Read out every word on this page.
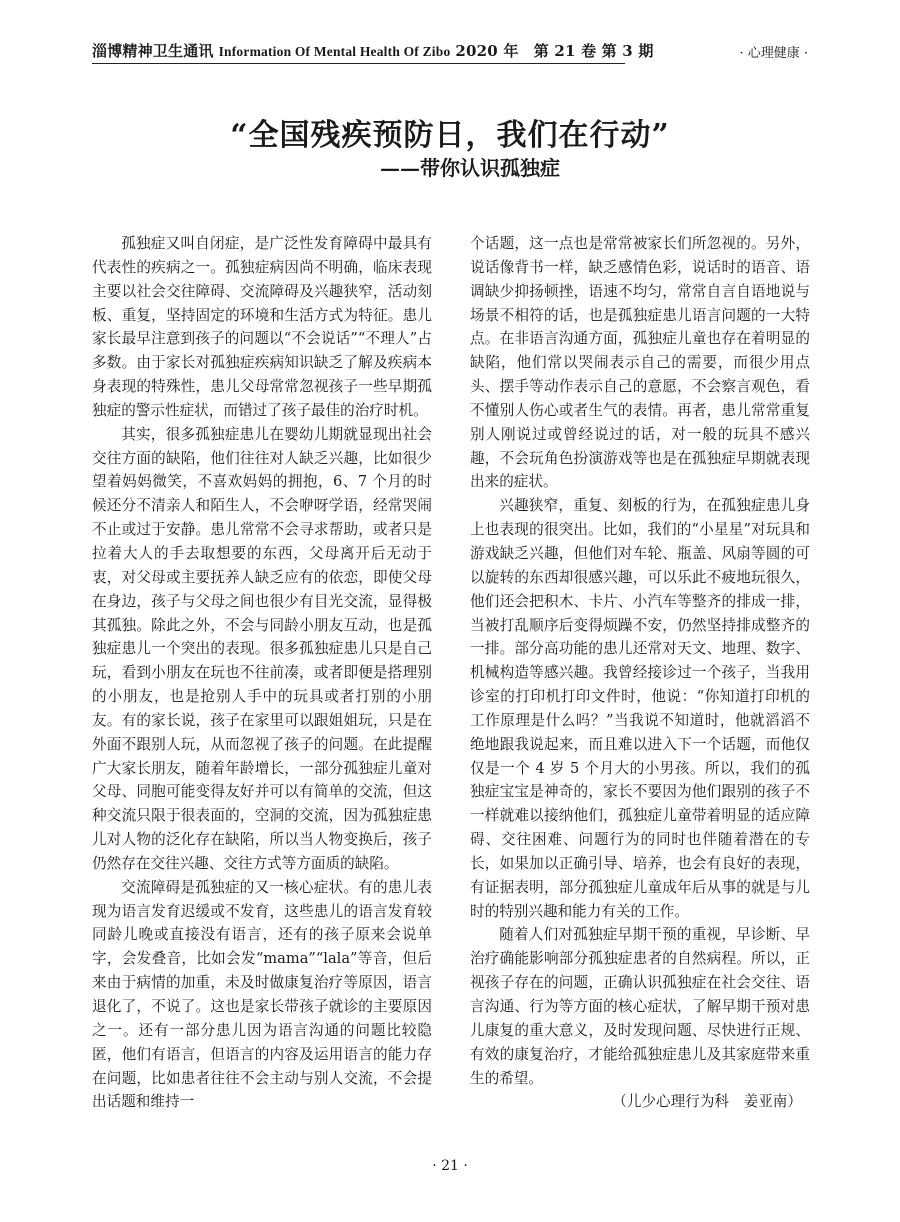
淄博精神卫生通讯 Information Of Mental Health Of Zibo 2020 年　第 21 卷 第 3 期	· 心理健康 ·
“全国残疾预防日，我们在行动”
——带你认识孤独症

孤独症又叫自闭症，是广泛性发育障碍中最具有代表性的疾病之一。孤独症病因尚不明确，临床表现主要以社会交往障碍、交流障碍及兴趣狭窄，活动刻板、重复，坚持固定的环境和生活方式为特征。患儿家长最早注意到孩子的问题以“不会说话”“不理人”占多数。由于家长对孤独症疾病知识缺乏了解及疾病本身表现的特殊性，患儿父母常常忽视孩子一些早期孤独症的警示性症状，而错过了孩子最佳的治疗时机。

其实，很多孤独症患儿在婴幼儿期就显现出社会交往方面的缺陷，他们往往对人缺乏兴趣，比如很少望着妈妈微笑，不喜欢妈妈的拥抱，6、7 个月的时候还分不清亲人和陌生人，不会咿呀学语，经常哭闹不止或过于安静。患儿常常不会寻求帮助，或者只是拉着大人的手去取想要的东西，父母离开后无动于衷，对父母或主要抚养人缺乏应有的依恋，即使父母在身边，孩子与父母之间也很少有目光交流，显得极其孤独。除此之外，不会与同龄小朋友互动，也是孤独症患儿一个突出的表现。很多孤独症患儿只是自己玩，看到小朋友在玩也不往前凑，或者即便是搭理别的小朋友，也是抢别人手中的玩具或者打别的小朋友。有的家长说，孩子在家里可以跟姐姐玩，只是在外面不跟别人玩，从而忽视了孩子的问题。在此提醒广大家长朋友，随着年龄增长，一部分孤独症儿童对父母、同胞可能变得友好并可以有简单的交流，但这种交流只限于很表面的，空洞的交流，因为孤独症患儿对人物的泛化存在缺陷，所以当人物变换后，孩子仍然存在交往兴趣、交往方式等方面质的缺陷。

交流障碍是孤独症的又一核心症状。有的患儿表现为语言发育迟缓或不发育，这些患儿的语言发育较同龄儿晚或直接没有语言，还有的孩子原来会说单字，会发叠音，比如会发“mama”“lala”等音，但后来由于病情的加重，未及时做康复治疗等原因，语言退化了，不说了。这也是家长带孩子就诊的主要原因之一。还有一部分患儿因为语言沟通的问题比较隐匿，他们有语言，但语言的内容及运用语言的能力存在问题，比如患者往往不会主动与别人交流，不会提出话题和维持一

个话题，这一点也是常常被家长们所忽视的。另外，说话像背书一样，缺乏感情色彩，说话时的语音、语调缺少抑扬顿挫，语速不均匀，常常自言自语地说与场景不相符的话，也是孤独症患儿语言问题的一大特点。在非语言沟通方面，孤独症儿童也存在着明显的缺陷，他们常以哭闹表示自己的需要，而很少用点头、摆手等动作表示自己的意愿，不会察言观色，看不懂别人伤心或者生气的表情。再者，患儿常常重复别人刚说过或曾经说过的话，对一般的玩具不感兴趣，不会玩角色扮演游戏等也是在孤独症早期就表现出来的症状。

兴趣狭窄，重复、刻板的行为，在孤独症患儿身上也表现的很突出。比如，我们的“小星星”对玩具和游戏缺乏兴趣，但他们对车轮、瓶盖、风扇等圆的可以旋转的东西却很感兴趣，可以乐此不疲地玩很久，他们还会把积木、卡片、小汽车等整齐的排成一排，当被打乱顺序后变得烦躁不安，仍然坚持排成整齐的一排。部分高功能的患儿还常对天文、地理、数字、机械构造等感兴趣。我曾经接诊过一个孩子，当我用诊室的打印机打印文件时，他说：“你知道打印机的工作原理是什么吗？”当我说不知道时，他就滔滔不绝地跟我说起来，而且难以进入下一个话题，而他仅仅是一个 4 岁 5 个月大的小男孩。所以，我们的孤独症宝宝是神奇的，家长不要因为他们跟别的孩子不一样就难以接纳他们，孤独症儿童带着明显的适应障碍、交往困难、问题行为的同时也伴随着潜在的专长，如果加以正确引导、培养，也会有良好的表现，有证据表明，部分孤独症儿童成年后从事的就是与儿时的特别兴趣和能力有关的工作。

随着人们对孤独症早期干预的重视，早诊断、早治疗确能影响部分孤独症患者的自然病程。所以，正视孩子存在的问题，正确认识孤独症在社会交往、语言沟通、行为等方面的核心症状，了解早期干预对患儿康复的重大意义，及时发现问题、尽快进行正规、有效的康复治疗，才能给孤独症患儿及其家庭带来重生的希望。

（儿少心理行为科　姜亚南）
· 21 ·
